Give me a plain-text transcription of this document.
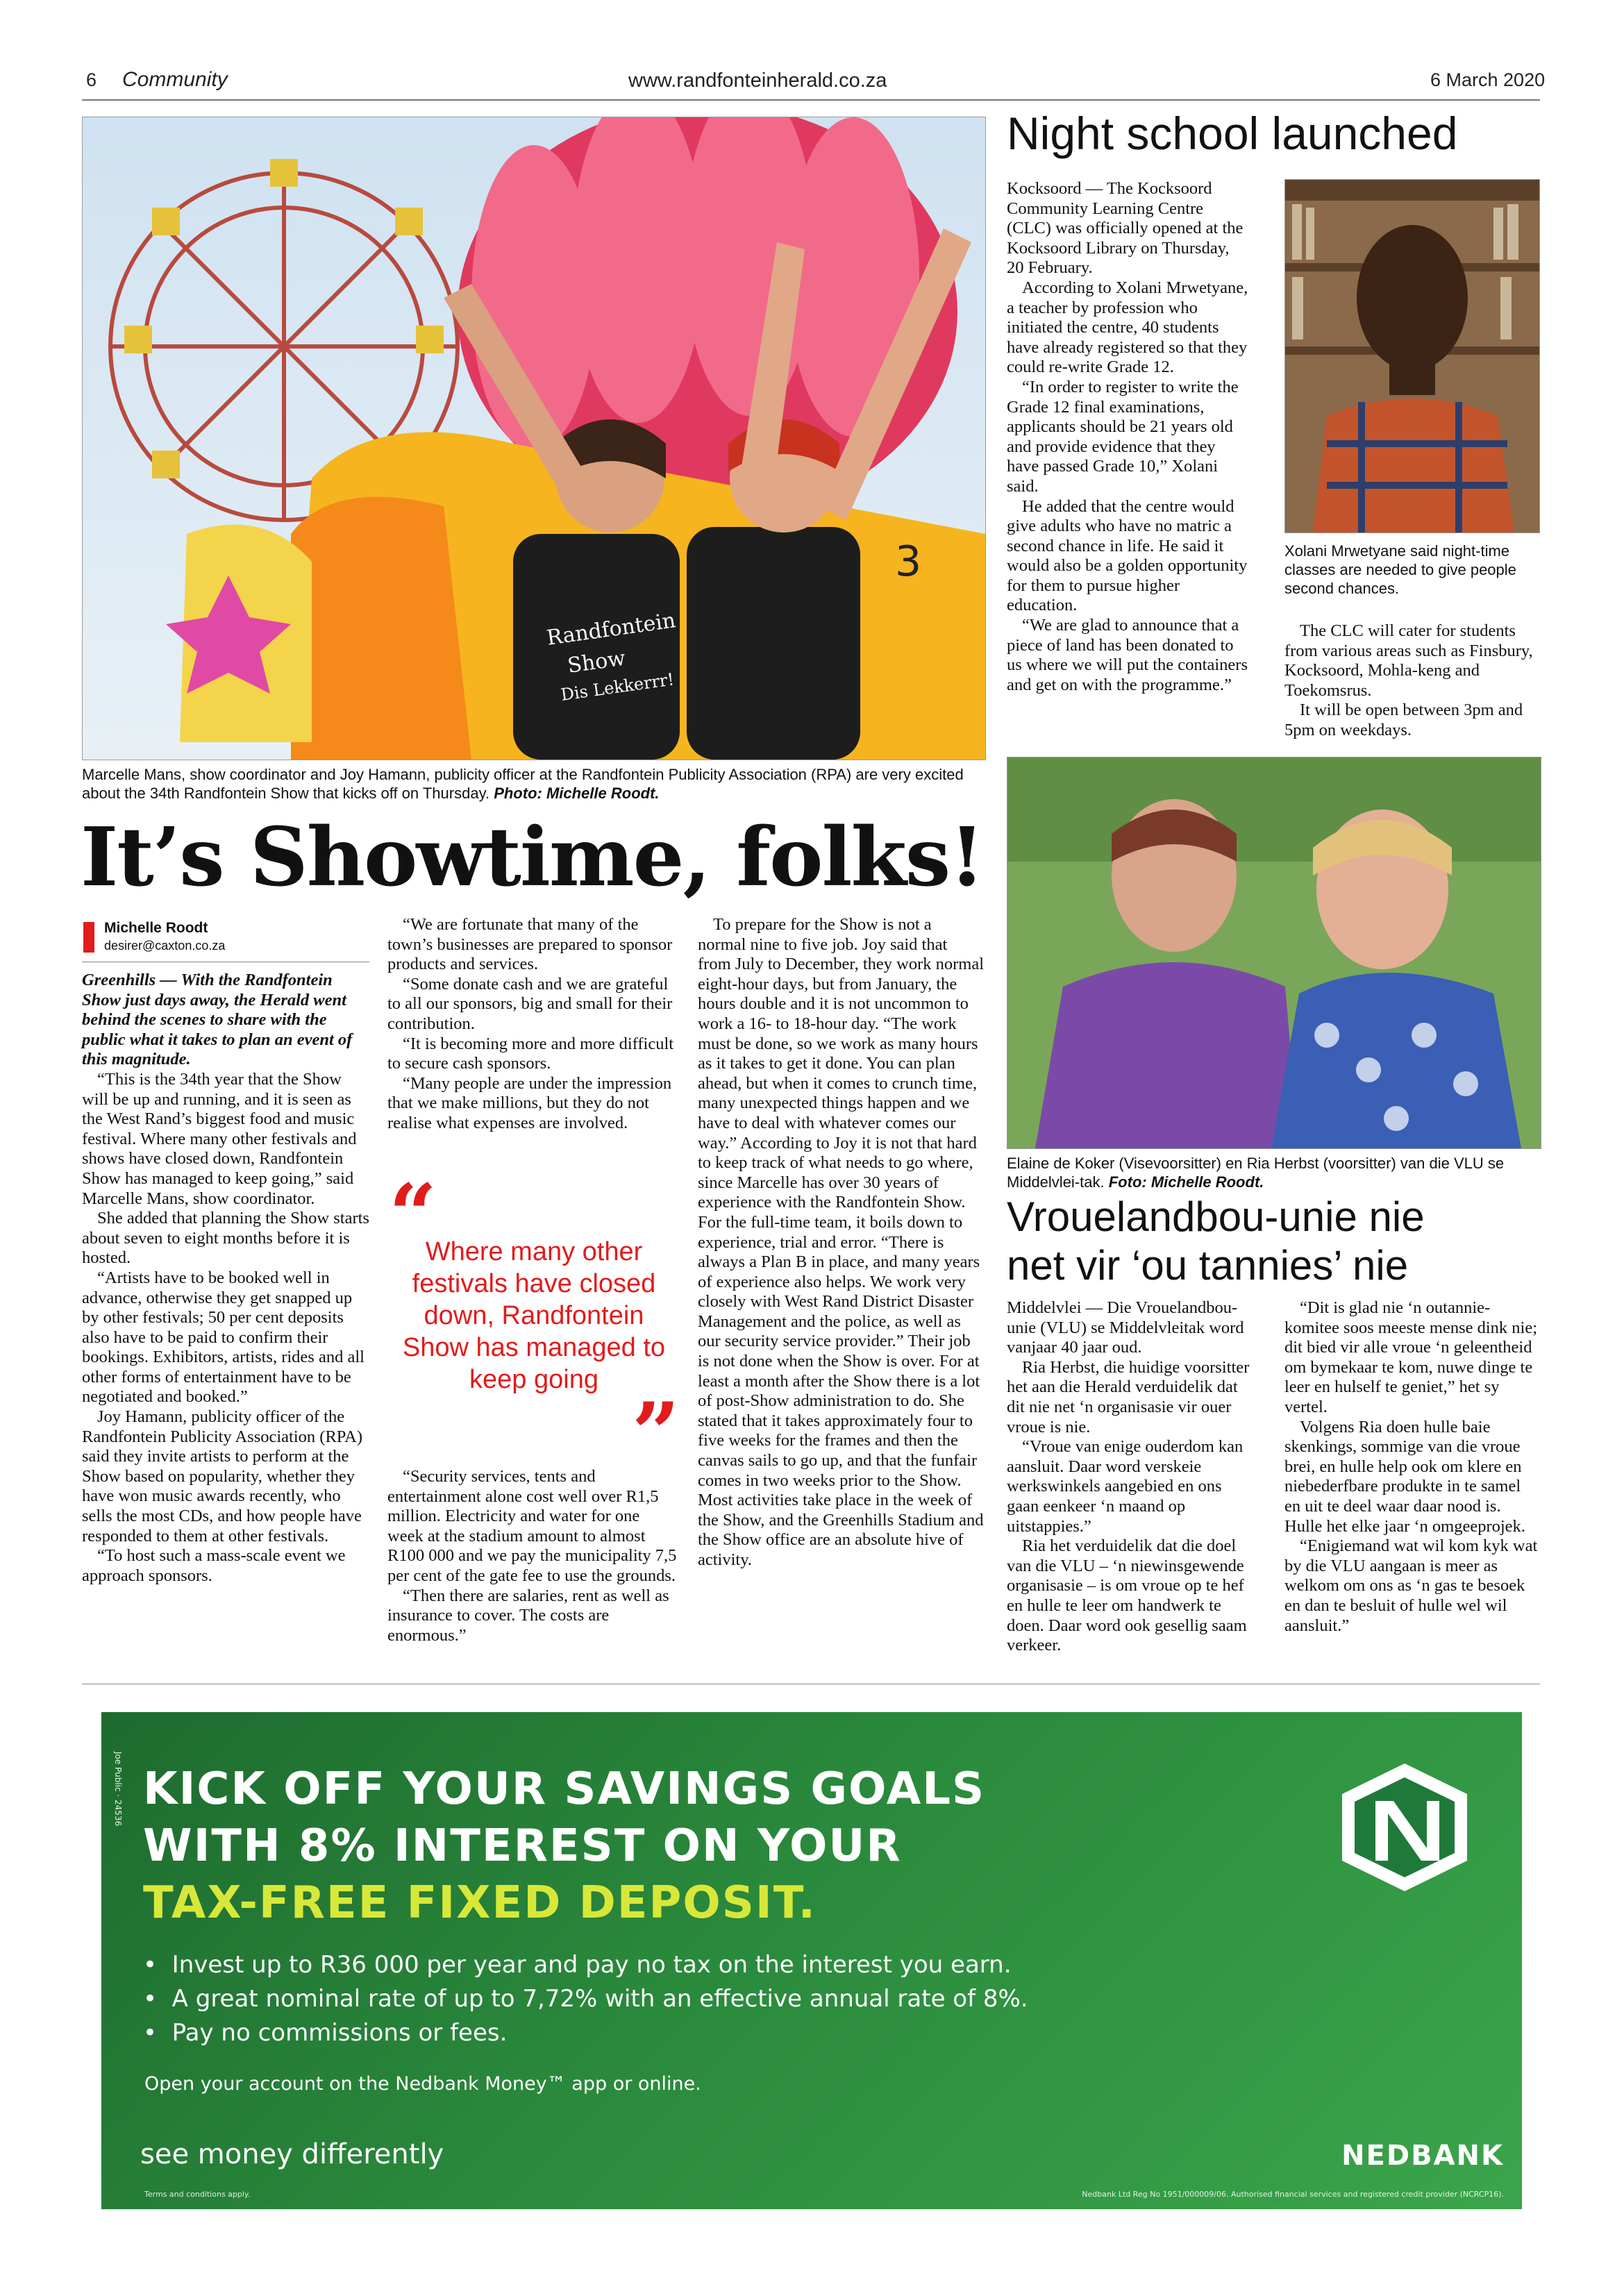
6 Community	www.randfonteinherald.co.za	6 March 2020
Randfontein
Show
Dis Lekkerrr!
3
Marcelle Mans, show coordinator and Joy Hamann, publicity officer at the Randfontein Publicity Association (RPA) are very excited about the 34th Randfontein Show that kicks off on Thursday. Photo: Michelle Roodt.
It’s Showtime, folks!
Michelle Roodt
desirer@caxton.co.za

Greenhills — With the Randfontein Show just days away, the Herald went behind the scenes to share with the public what it takes to plan an event of this magnitude.

“This is the 34th year that the Show will be up and running, and it is seen as the West Rand’s biggest food and music festival. Where many other festivals and shows have closed down, Randfontein Show has managed to keep going,” said Marcelle Mans, show coordinator.

She added that planning the Show starts about seven to eight months before it is hosted.

“Artists have to be booked well in advance, otherwise they get snapped up by other festivals; 50 per cent deposits also have to be paid to confirm their bookings. Exhibitors, artists, rides and all other forms of entertainment have to be negotiated and booked.”

Joy Hamann, publicity officer of the Randfontein Publicity Association (RPA) said they invite artists to perform at the Show based on popularity, whether they have won music awards recently, who sells the most CDs, and how people have responded to them at other festivals.

“To host such a mass-scale event we approach sponsors.

“We are fortunate that many of the town’s businesses are prepared to sponsor products and services.

“Some donate cash and we are grateful to all our sponsors, big and small for their contribution.

“It is becoming more and more difficult to secure cash sponsors.

“Many people are under the impression that we make millions, but they do not realise what expenses are involved.

“
Where many other festivals have closed down, Randfontein Show has managed to keep going
”

“Security services, tents and entertainment alone cost well over R1,5 million. Electricity and water for one week at the stadium amount to almost R100 000 and we pay the municipality 7,5 per cent of the gate fee to use the grounds.

“Then there are salaries, rent as well as insurance to cover. The costs are enormous.”

To prepare for the Show is not a normal nine to five job. Joy said that from July to December, they work normal eight-hour days, but from January, the hours double and it is not uncommon to work a 16- to 18-hour day. “The work must be done, so we work as many hours as it takes to get it done. You can plan ahead, but when it comes to crunch time, many unexpected things happen and we have to deal with whatever comes our way.” According to Joy it is not that hard to keep track of what needs to go where, since Marcelle has over 30 years of experience with the Randfontein Show. For the full-time team, it boils down to experience, trial and error. “There is always a Plan B in place, and many years of experience also helps. We work very closely with West Rand District Disaster Management and the police, as well as our security service provider.” Their job is not done when the Show is over. For at least a month after the Show there is a lot of post-Show administration to do. She stated that it takes approximately four to five weeks for the frames and then the canvas sails to go up, and that the funfair comes in two weeks prior to the Show. Most activities take place in the week of the Show, and the Greenhills Stadium and the Show office are an absolute hive of activity.

Night school launched

Kocksoord — The Kocksoord Community Learning Centre (CLC) was officially opened at the Kocksoord Library on Thursday, 20 February.

According to Xolani Mrwetyane, a teacher by profession who initiated the centre, 40 students have already registered so that they could re-write Grade 12.

“In order to register to write the Grade 12 final examinations, applicants should be 21 years old and provide evidence that they have passed Grade 10,” Xolani said.

He added that the centre would give adults who have no matric a second chance in life. He said it would also be a golden opportunity for them to pursue higher education.

“We are glad to announce that a piece of land has been donated to us where we will put the containers and get on with the programme.”

Xolani Mrwetyane said night-time classes are needed to give people second chances.

The CLC will cater for students from various areas such as Finsbury, Kocksoord, Mohla-keng and Toekomsrus.

It will be open between 3pm and 5pm on weekdays.

Elaine de Koker (Visevoorsitter) en Ria Herbst (voorsitter) van die VLU se Middelvlei-tak. Foto: Michelle Roodt.
Vrouelandbou-unie nie net vir ‘ou tannies’ nie

Middelvlei — Die Vrouelandbou-unie (VLU) se Middelvleitak word vanjaar 40 jaar oud.

Ria Herbst, die huidige voorsitter het aan die Herald verduidelik dat dit nie net ‘n organisasie vir ouer vroue is nie.

“Vroue van enige ouderdom kan aansluit. Daar word verskeie werkswinkels aangebied en ons gaan eenkeer ‘n maand op uitstappies.”

Ria het verduidelik dat die doel van die VLU – ‘n niewinsgewende organisasie – is om vroue op te hef en hulle te leer om handwerk te doen. Daar word ook gesellig saam verkeer.

“Dit is glad nie ‘n outannie-komitee soos meeste mense dink nie; dit bied vir alle vroue ‘n geleentheid om bymekaar te kom, nuwe dinge te leer en hulself te geniet,” het sy vertel.

Volgens Ria doen hulle baie skenkings, sommige van die vroue brei, en hulle help ook om klere en niebederfbare produkte in te samel en uit te deel waar daar nood is. Hulle het elke jaar ‘n omgeeprojek.

“Enigiemand wat wil kom kyk wat by die VLU aangaan is meer as welkom om ons as ‘n gas te besoek en dan te besluit of hulle wel wil aansluit.”

Joe Public · 24536 KICK OFF YOUR SAVINGS GOALS
WITH 8% INTEREST ON YOUR
TAX-FREE FIXED DEPOSIT.
•  Invest up to R36 000 per year and pay no tax on the interest you earn.
•  A great nominal rate of up to 7,72% with an effective annual rate of 8%.
•  Pay no commissions or fees.
Open your account on the Nedbank Money™ app or online.
see money differently
Terms and conditions apply.	Nedbank Ltd Reg No 1951/000009/06. Authorised financial services and registered credit provider (NCRCP16).
NEDBANK
